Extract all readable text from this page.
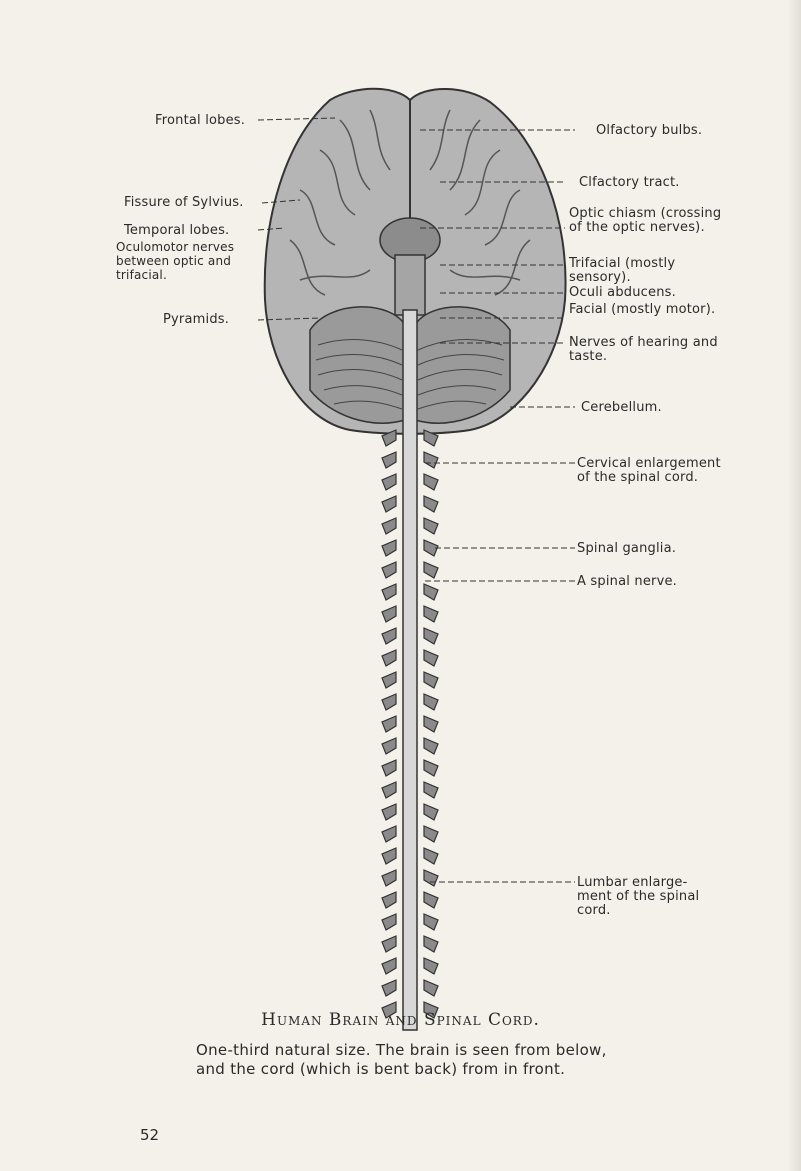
Frontal lobes.
Fissure of Sylvius.
Temporal lobes.
Oculomotor nerves between optic and trifacial.
Pyramids.
Olfactory bulbs.
Clfactory tract.
Optic chiasm (crossing of the optic nerves).
Trifacial (mostly sensory).
Oculi abducens.
Facial (mostly motor).
Nerves of hearing and taste.
Cerebellum.
Cervical enlargement of the spinal cord.
Spinal ganglia.
A spinal nerve.
Lumbar enlarge-ment of the spinal cord.
Human Brain and Spinal Cord.
One-third natural size. The brain is seen from below, and the cord (which is bent back) from in front.
52
